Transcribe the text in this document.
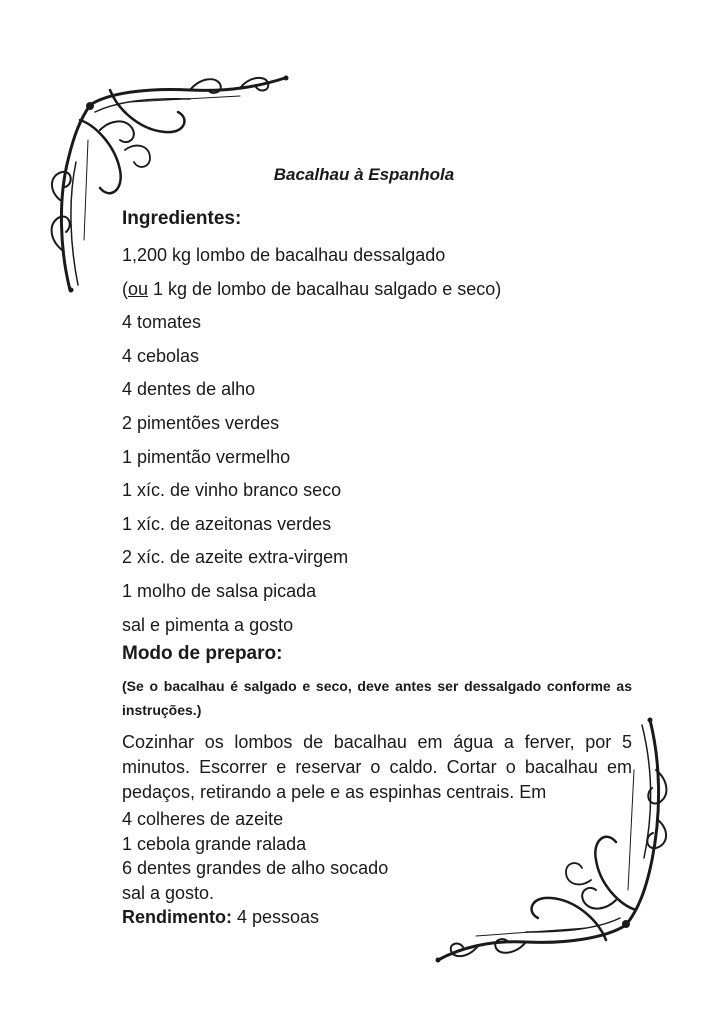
Bacalhau à Espanhola
Ingredientes:
1,200 kg lombo de bacalhau dessalgado
(ou 1 kg de lombo de bacalhau salgado e seco)
4 tomates
4 cebolas
4 dentes de alho
2 pimentões verdes
1 pimentão vermelho
1 xíc. de vinho branco seco
1 xíc. de azeitonas verdes
2 xíc. de azeite extra-virgem
1 molho de salsa picada
sal e pimenta a gosto
Modo de preparo:

(Se o bacalhau é salgado e seco, deve antes ser dessalgado conforme as instruções.)

Cozinhar os lombos de bacalhau em água a ferver, por 5 minutos. Escorrer e reservar o caldo. Cortar o bacalhau em pedaços, retirando a pele e as espinhas centrais. Em

4 colheres de azeite
1 cebola grande ralada
6 dentes grandes de alho socado
sal a gosto.
Rendimento: 4 pessoas
